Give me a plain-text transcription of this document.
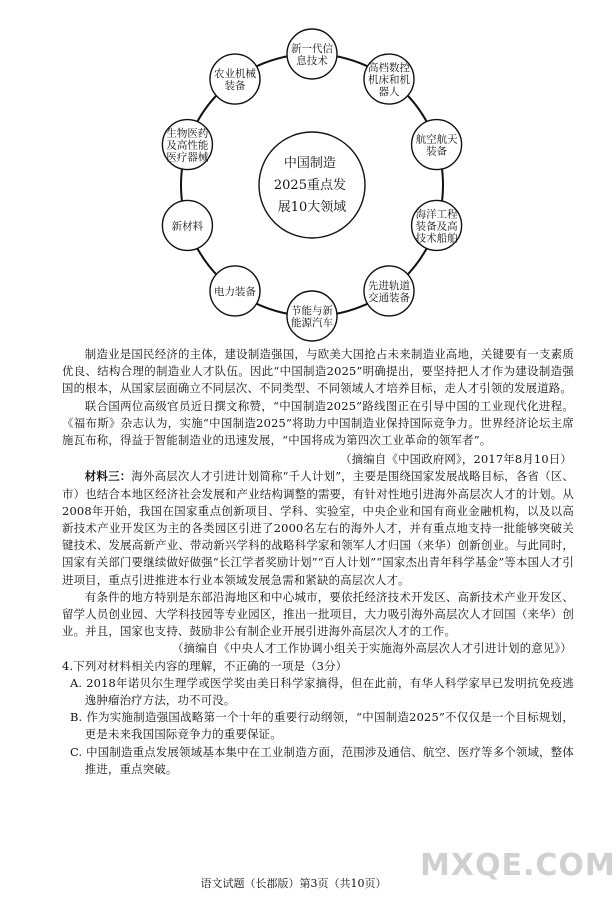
中国制造 2025重点发 展10大领域
新一代信息技术
高档数控机床和机器人
航空航天装备
海洋工程装备及高技术船舶
先进轨道交通装备
节能与新能源汽车
电力装备
新材料
生物医药及高性能医疗器械
农业机械装备

制造业是国民经济的主体，建设制造强国，与欧美大国抢占未来制造业高地，关键要有一支素质优良、结构合理的制造业人才队伍。因此“中国制造2025”明确提出，要坚持把人才作为建设制造强国的根本，从国家层面确立不同层次、不同类型、不同领域人才培养目标，走人才引领的发展道路。

联合国两位高级官员近日撰文称赞，“中国制造2025”路线图正在引导中国的工业现代化进程。《福布斯》杂志认为，实施“中国制造2025”将助力中国制造业保持国际竞争力。世界经济论坛主席施瓦布称，得益于智能制造业的迅速发展，“中国将成为第四次工业革命的领军者”。

（摘编自《中国政府网》，2017年8月10日）

材料三：海外高层次人才引进计划简称“千人计划”，主要是围绕国家发展战略目标，各省（区、市）也结合本地区经济社会发展和产业结构调整的需要，有针对性地引进海外高层次人才的计划。从2008年开始，我国在国家重点创新项目、学科、实验室，中央企业和国有商业金融机构，以及以高新技术产业开发区为主的各类园区引进了2000名左右的海外人才，并有重点地支持一批能够突破关键技术、发展高新产业、带动新兴学科的战略科学家和领军人才归国（来华）创新创业。与此同时，国家有关部门要继续做好做强“长江学者奖励计划”“百人计划”“国家杰出青年科学基金”等本国人才引进项目，重点引进推进本行业本领域发展急需和紧缺的高层次人才。

有条件的地方特别是东部沿海地区和中心城市，要依托经济技术开发区、高新技术产业开发区、留学人员创业园、大学科技园等专业园区，推出一批项目，大力吸引海外高层次人才回国（来华）创业。并且，国家也支持、鼓励非公有制企业开展引进海外高层次人才的工作。

（摘编自《中央人才工作协调小组关于实施海外高层次人才引进计划的意见》）

4.下列对材料相关内容的理解，不正确的一项是（3分）

A. 2018年诺贝尔生理学或医学奖由美日科学家摘得，但在此前，有华人科学家早已发明抗免疫逃逸肿瘤治疗方法，功不可没。

B. 作为实施制造强国战略第一个十年的重要行动纲领，“中国制造2025”不仅仅是一个目标规划，更是未来我国国际竞争力的重要保证。

C. 中国制造重点发展领域基本集中在工业制造方面，范围涉及通信、航空、医疗等多个领域，整体推进，重点突破。

MXQE.COM
语文试题（长郡版）第3页（共10页）
